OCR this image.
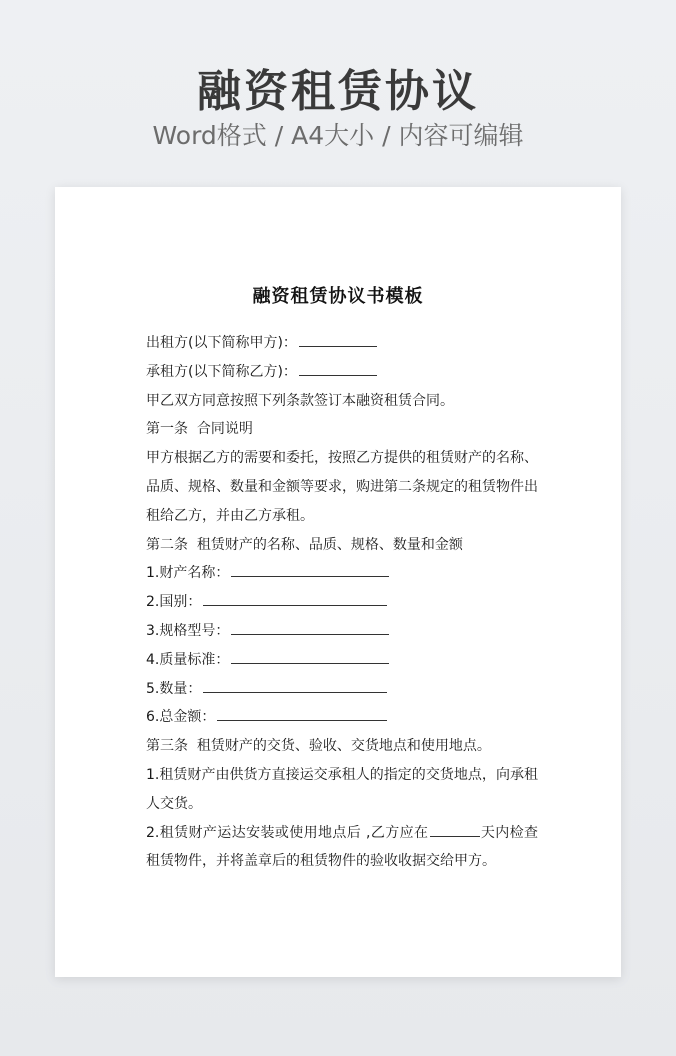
融资租赁协议
Word格式 / A4大小 / 内容可编辑
融资租赁协议书模板

出租方(以下简称甲方)：

承租方(以下简称乙方)：

甲乙双方同意按照下列条款签订本融资租赁合同。

第一条  合同说明

甲方根据乙方的需要和委托，按照乙方提供的租赁财产的名称、品质、规格、数量和金额等要求，购进第二条规定的租赁物件出租给乙方，并由乙方承租。

第二条  租赁财产的名称、品质、规格、数量和金额

1.财产名称：

2.国别：

3.规格型号：

4.质量标准：

5.数量：

6.总金额：

第三条  租赁财产的交货、验收、交货地点和使用地点。

1.租赁财产由供货方直接运交承租人的指定的交货地点，向承租人交货。

2.租赁财产运达安装或使用地点后 ,乙方应在	天内检查租赁物件，并将盖章后的租赁物件的验收收据交给甲方。
